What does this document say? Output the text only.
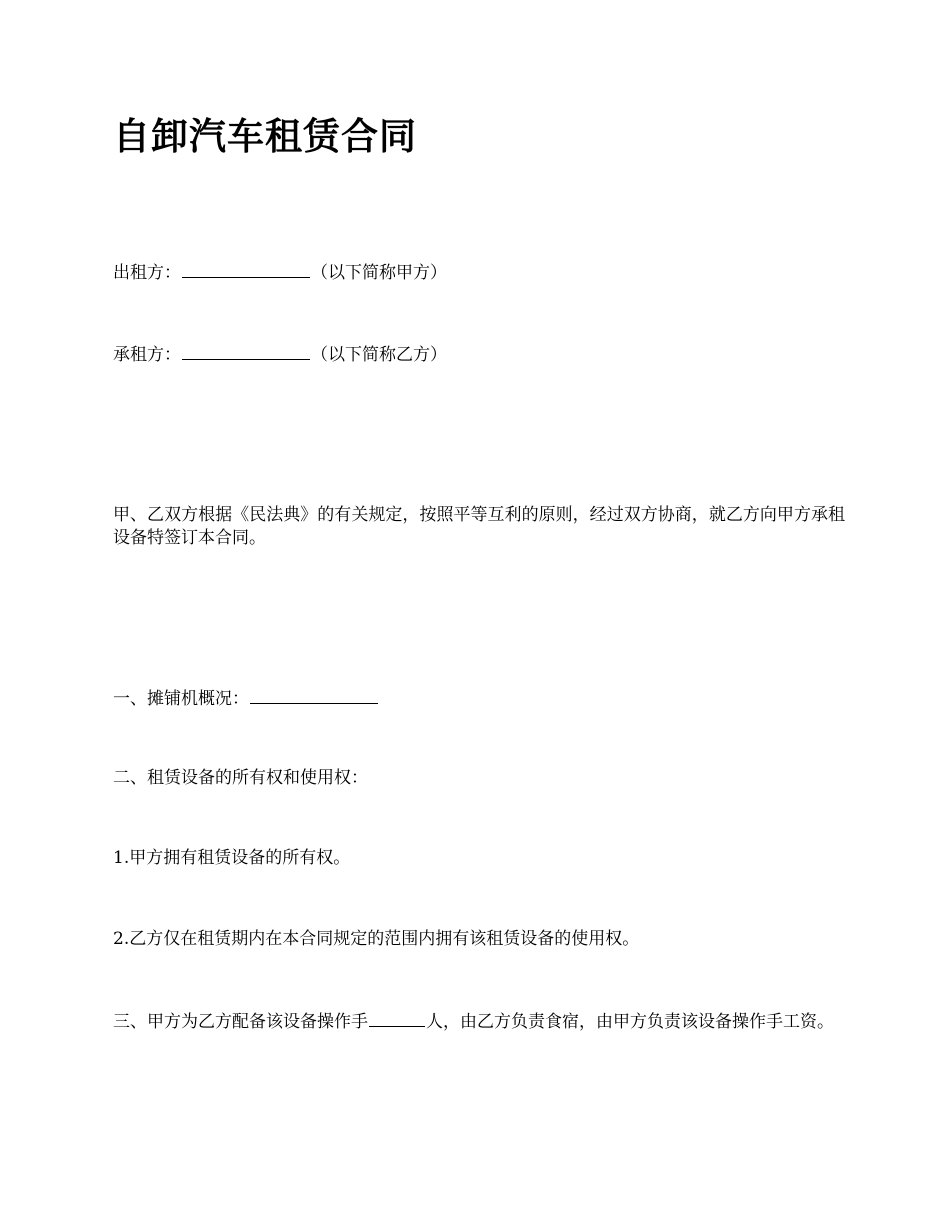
自卸汽车租赁合同

出租方：	（以下简称甲方）

承租方：	（以下简称乙方）

甲、乙双方根据《民法典》的有关规定，按照平等互利的原则，经过双方协商，就乙方向甲方承租设备特签订本合同。

一、摊铺机概况：

二、租赁设备的所有权和使用权：

1.甲方拥有租赁设备的所有权。

2.乙方仅在租赁期内在本合同规定的范围内拥有该租赁设备的使用权。

三、甲方为乙方配备该设备操作手	人，由乙方负责食宿，由甲方负责该设备操作手工资。
